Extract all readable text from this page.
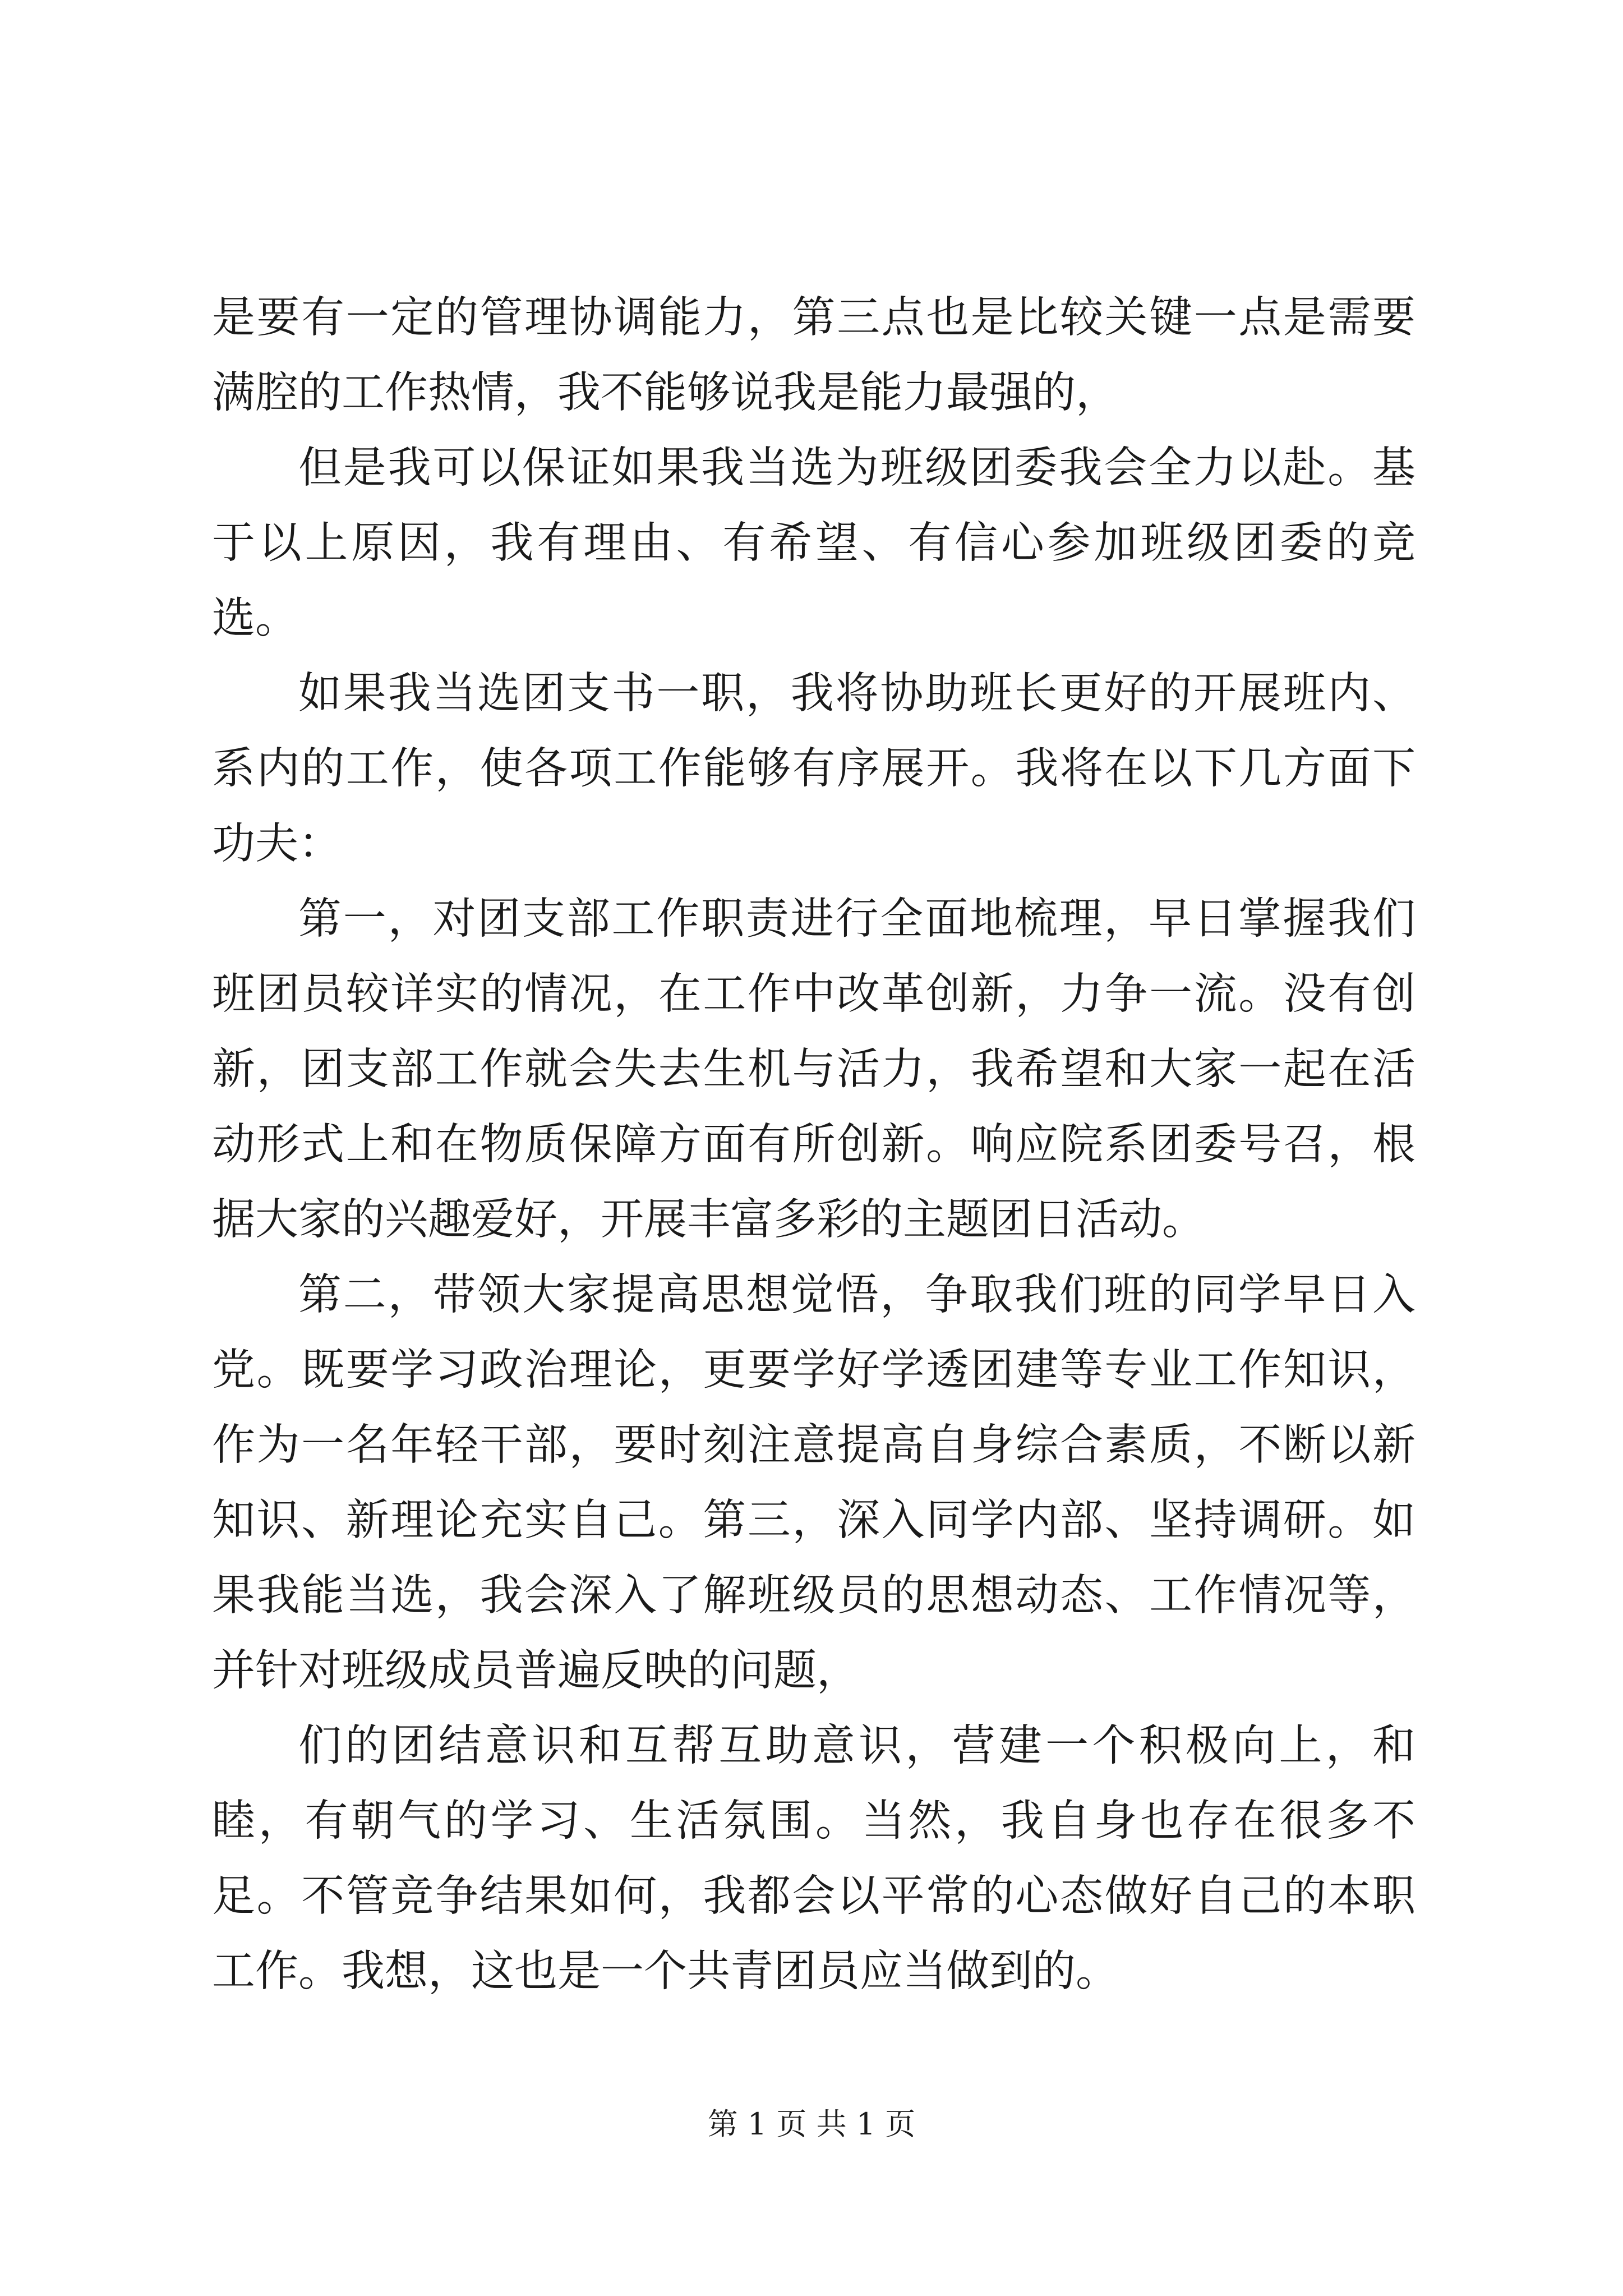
是要有一定的管理协调能力，第三点也是比较关键一点是需要满腔的工作热情，我不能够说我是能力最强的，

但是我可以保证如果我当选为班级团委我会全力以赴。基于以上原因，我有理由、有希望、有信心参加班级团委的竞选。

如果我当选团支书一职，我将协助班长更好的开展班内、系内的工作，使各项工作能够有序展开。我将在以下几方面下功夫：

第一，对团支部工作职责进行全面地梳理，早日掌握我们班团员较详实的情况，在工作中改革创新，力争一流。没有创新，团支部工作就会失去生机与活力，我希望和大家一起在活动形式上和在物质保障方面有所创新。响应院系团委号召，根据大家的兴趣爱好，开展丰富多彩的主题团日活动。

第二，带领大家提高思想觉悟，争取我们班的同学早日入党。既要学习政治理论，更要学好学透团建等专业工作知识，作为一名年轻干部，要时刻注意提高自身综合素质，不断以新知识、新理论充实自己。第三，深入同学内部、坚持调研。如果我能当选，我会深入了解班级员的思想动态、工作情况等，并针对班级成员普遍反映的问题，

们的团结意识和互帮互助意识，营建一个积极向上，和睦，有朝气的学习、生活氛围。当然，我自身也存在很多不足。不管竞争结果如何，我都会以平常的心态做好自己的本职工作。我想，这也是一个共青团员应当做到的。

第 1 页 共 1 页
